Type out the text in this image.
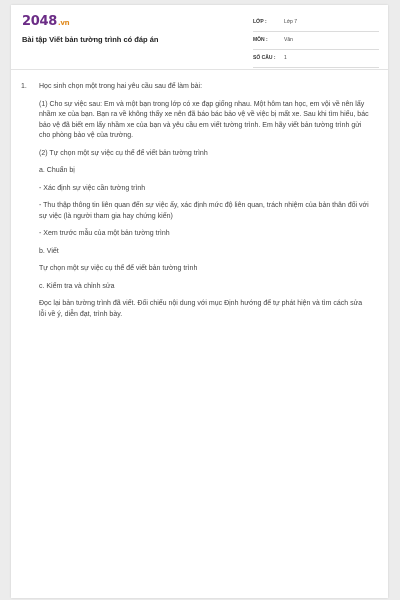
2048.vn
Bài tập Viết bản tường trình có đáp án
LỚP :	Lớp 7
MÔN :	Văn
SỐ CÂU : 1
1. Học sinh chọn một trong hai yêu cầu sau để làm bài:

(1) Cho sự việc sau: Em và một bạn trong lớp có xe đạp giống nhau. Một hôm tan học, em vội về nên lấy nhầm xe của bạn. Bạn ra về không thấy xe nên đã báo bác bảo vệ về việc bị mất xe. Sau khi tìm hiểu, bác bảo vệ đã biết em lấy nhầm xe của bạn và yêu cầu em viết tường trình. Em hãy viết bản tường trình gửi cho phòng bảo vệ của trường.

(2) Tự chọn một sự việc cụ thể để viết bản tường trình

a. Chuẩn bị

- Xác định sự việc cần tường trình

- Thu thập thông tin liên quan đến sự việc ấy, xác định mức độ liên quan, trách nhiệm của bản thân đối với sự việc (là người tham gia hay chứng kiến)

- Xem trước mẫu của một bản tường trình

b. Viết

Tự chọn một sự việc cụ thể để viết bản tường trình

c. Kiểm tra và chỉnh sửa

Đọc lại bản tường trình đã viết. Đối chiếu nội dung với mục Định hướng để tự phát hiện và tìm cách sửa lỗi về ý, diễn đạt, trình bày.
